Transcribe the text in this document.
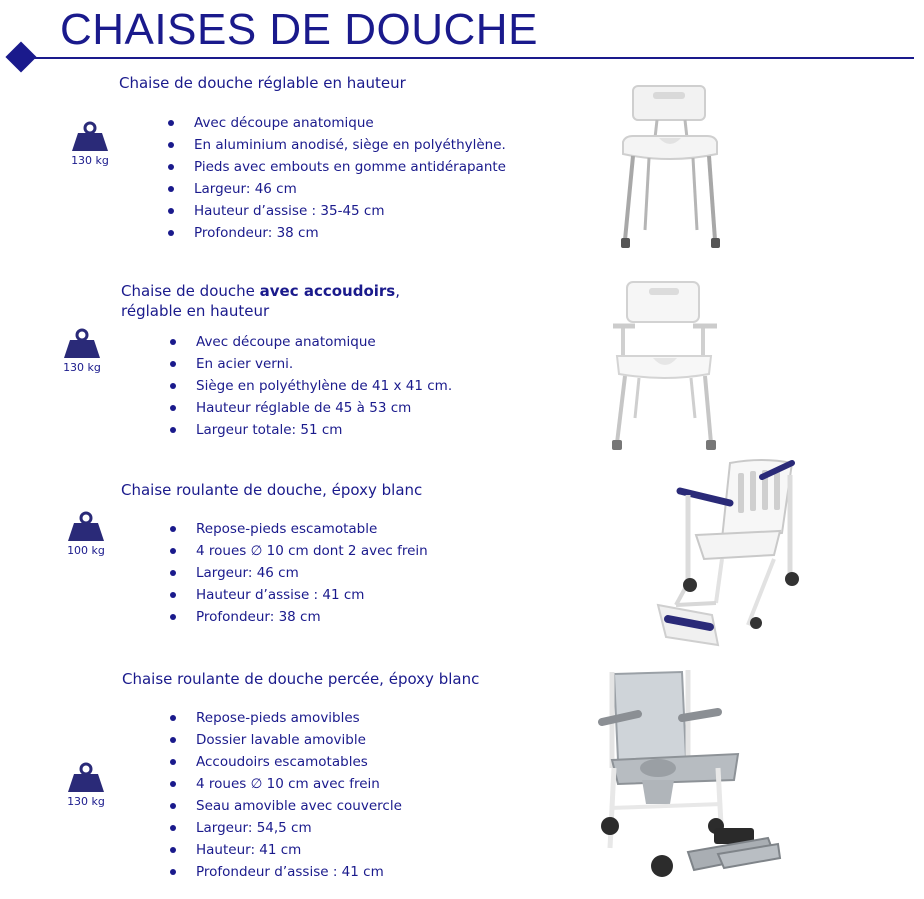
CHAISES DE DOUCHE
Chaise de douche réglable en hauteur
130 kg
Avec découpe anatomique
En aluminium anodisé, siège en polyéthylène.
Pieds avec embouts en gomme antidérapante
Largeur: 46 cm
Hauteur d’assise : 35-45 cm
Profondeur: 38 cm
Chaise de douche avec accoudoirs,
réglable en hauteur
130 kg
Avec découpe anatomique
En acier verni.
Siège en polyéthylène de 41 x 41 cm.
Hauteur réglable de 45 à 53 cm
Largeur totale: 51 cm
Chaise roulante de douche, époxy blanc
100 kg
Repose-pieds escamotable
4 roues ∅ 10 cm dont 2 avec frein
Largeur: 46 cm
Hauteur d’assise : 41 cm
Profondeur: 38 cm
Chaise roulante de douche percée, époxy blanc
130 kg
Repose-pieds amovibles
Dossier lavable amovible
Accoudoirs escamotables
4 roues ∅ 10 cm avec frein
Seau amovible avec couvercle
Largeur: 54,5 cm
Hauteur: 41 cm
Profondeur d’assise : 41 cm
